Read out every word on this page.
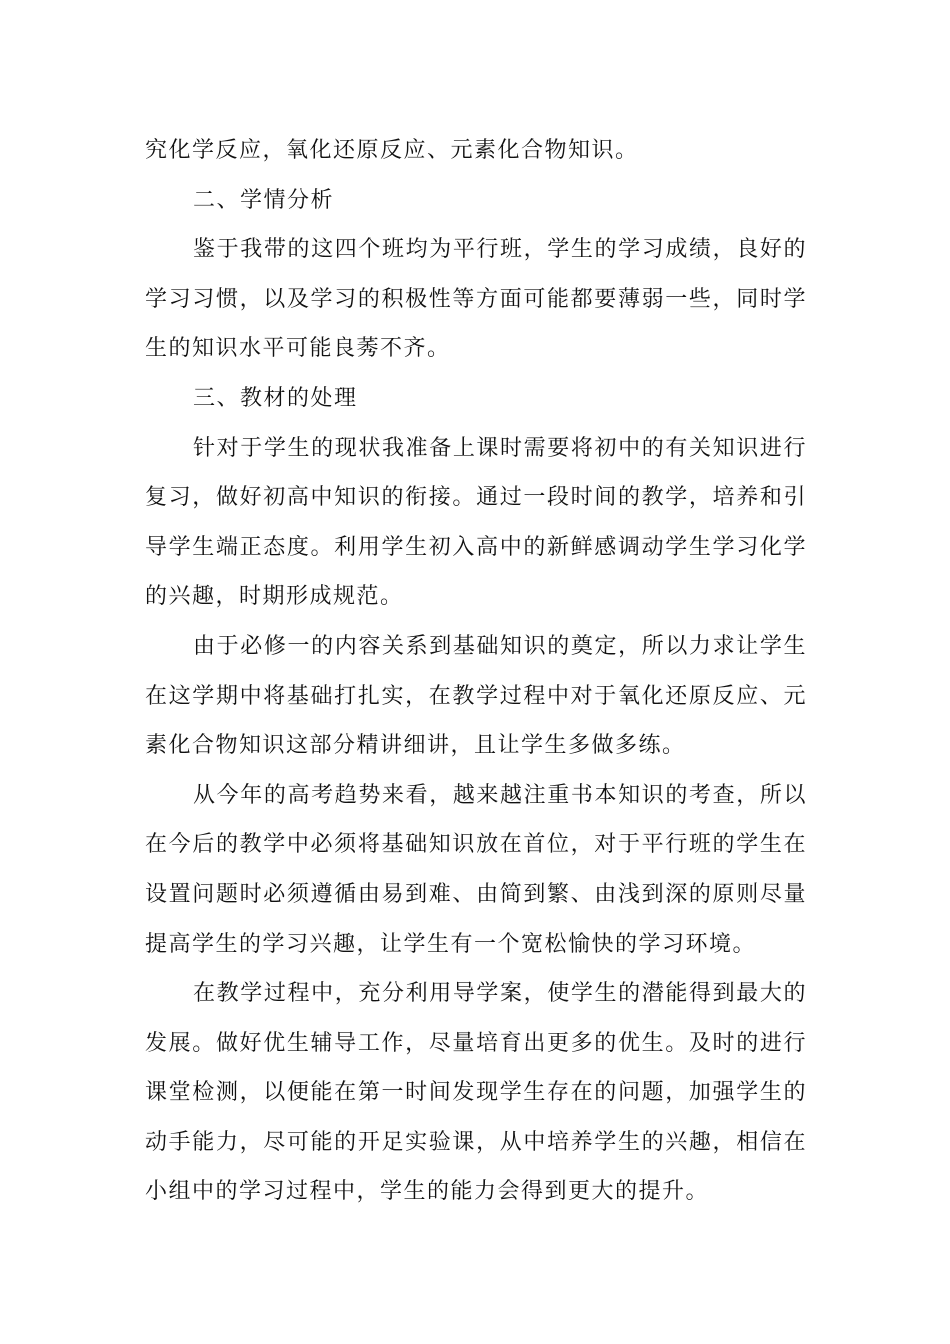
究化学反应，氧化还原反应、元素化合物知识。

二、学情分析

鉴于我带的这四个班均为平行班，学生的学习成绩，良好的学习习惯，以及学习的积极性等方面可能都要薄弱一些，同时学生的知识水平可能良莠不齐。

三、教材的处理

针对于学生的现状我准备上课时需要将初中的有关知识进行复习，做好初高中知识的衔接。通过一段时间的教学，培养和引导学生端正态度。利用学生初入高中的新鲜感调动学生学习化学的兴趣，时期形成规范。

由于必修一的内容关系到基础知识的奠定，所以力求让学生在这学期中将基础打扎实，在教学过程中对于氧化还原反应、元素化合物知识这部分精讲细讲，且让学生多做多练。

从今年的高考趋势来看，越来越注重书本知识的考查，所以在今后的教学中必须将基础知识放在首位，对于平行班的学生在设置问题时必须遵循由易到难、由简到繁、由浅到深的原则尽量提高学生的学习兴趣，让学生有一个宽松愉快的学习环境。

在教学过程中，充分利用导学案，使学生的潜能得到最大的发展。做好优生辅导工作，尽量培育出更多的优生。及时的进行课堂检测，以便能在第一时间发现学生存在的问题，加强学生的动手能力，尽可能的开足实验课，从中培养学生的兴趣，相信在小组中的学习过程中，学生的能力会得到更大的提升。
